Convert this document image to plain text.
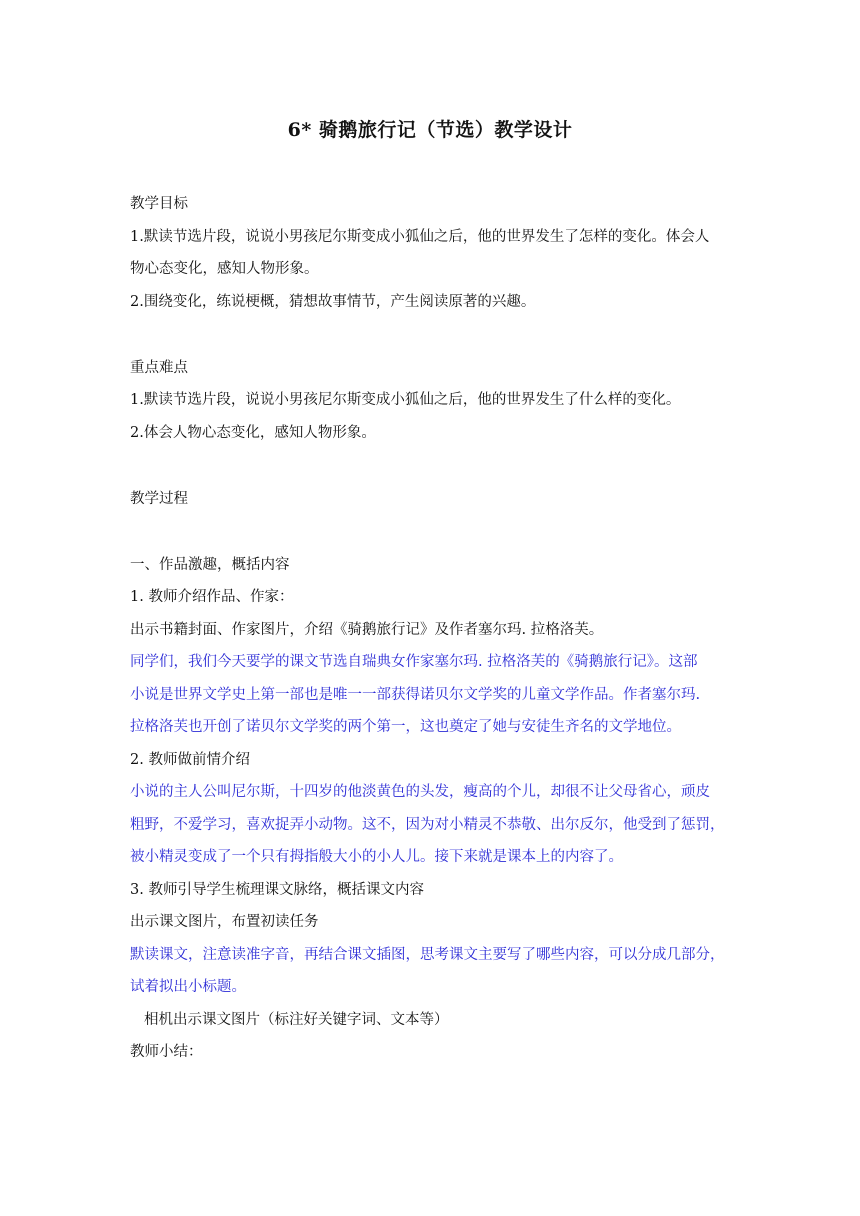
6* 骑鹅旅行记（节选）教学设计
教学目标
1.默读节选片段，说说小男孩尼尔斯变成小狐仙之后，他的世界发生了怎样的变化。体会人
物心态变化，感知人物形象。
2.围绕变化，练说梗概，猜想故事情节，产生阅读原著的兴趣。
重点难点
1.默读节选片段，说说小男孩尼尔斯变成小狐仙之后，他的世界发生了什么样的变化。
2.体会人物心态变化，感知人物形象。
教学过程
一、作品激趣，概括内容
1. 教师介绍作品、作家：
出示书籍封面、作家图片，介绍《骑鹅旅行记》及作者塞尔玛. 拉格洛芙。
同学们，我们今天要学的课文节选自瑞典女作家塞尔玛. 拉格洛芙的《骑鹅旅行记》。这部
小说是世界文学史上第一部也是唯一一部获得诺贝尔文学奖的儿童文学作品。作者塞尔玛.
拉格洛芙也开创了诺贝尔文学奖的两个第一，这也奠定了她与安徒生齐名的文学地位。
2. 教师做前情介绍
小说的主人公叫尼尔斯，十四岁的他淡黄色的头发，瘦高的个儿，却很不让父母省心，顽皮
粗野，不爱学习，喜欢捉弄小动物。这不，因为对小精灵不恭敬、出尔反尔，他受到了惩罚，
被小精灵变成了一个只有拇指般大小的小人儿。接下来就是课本上的内容了。
3. 教师引导学生梳理课文脉络，概括课文内容
出示课文图片，布置初读任务
默读课文，注意读准字音，再结合课文插图，思考课文主要写了哪些内容，可以分成几部分，
试着拟出小标题。
相机出示课文图片（标注好关键字词、文本等）
教师小结：
